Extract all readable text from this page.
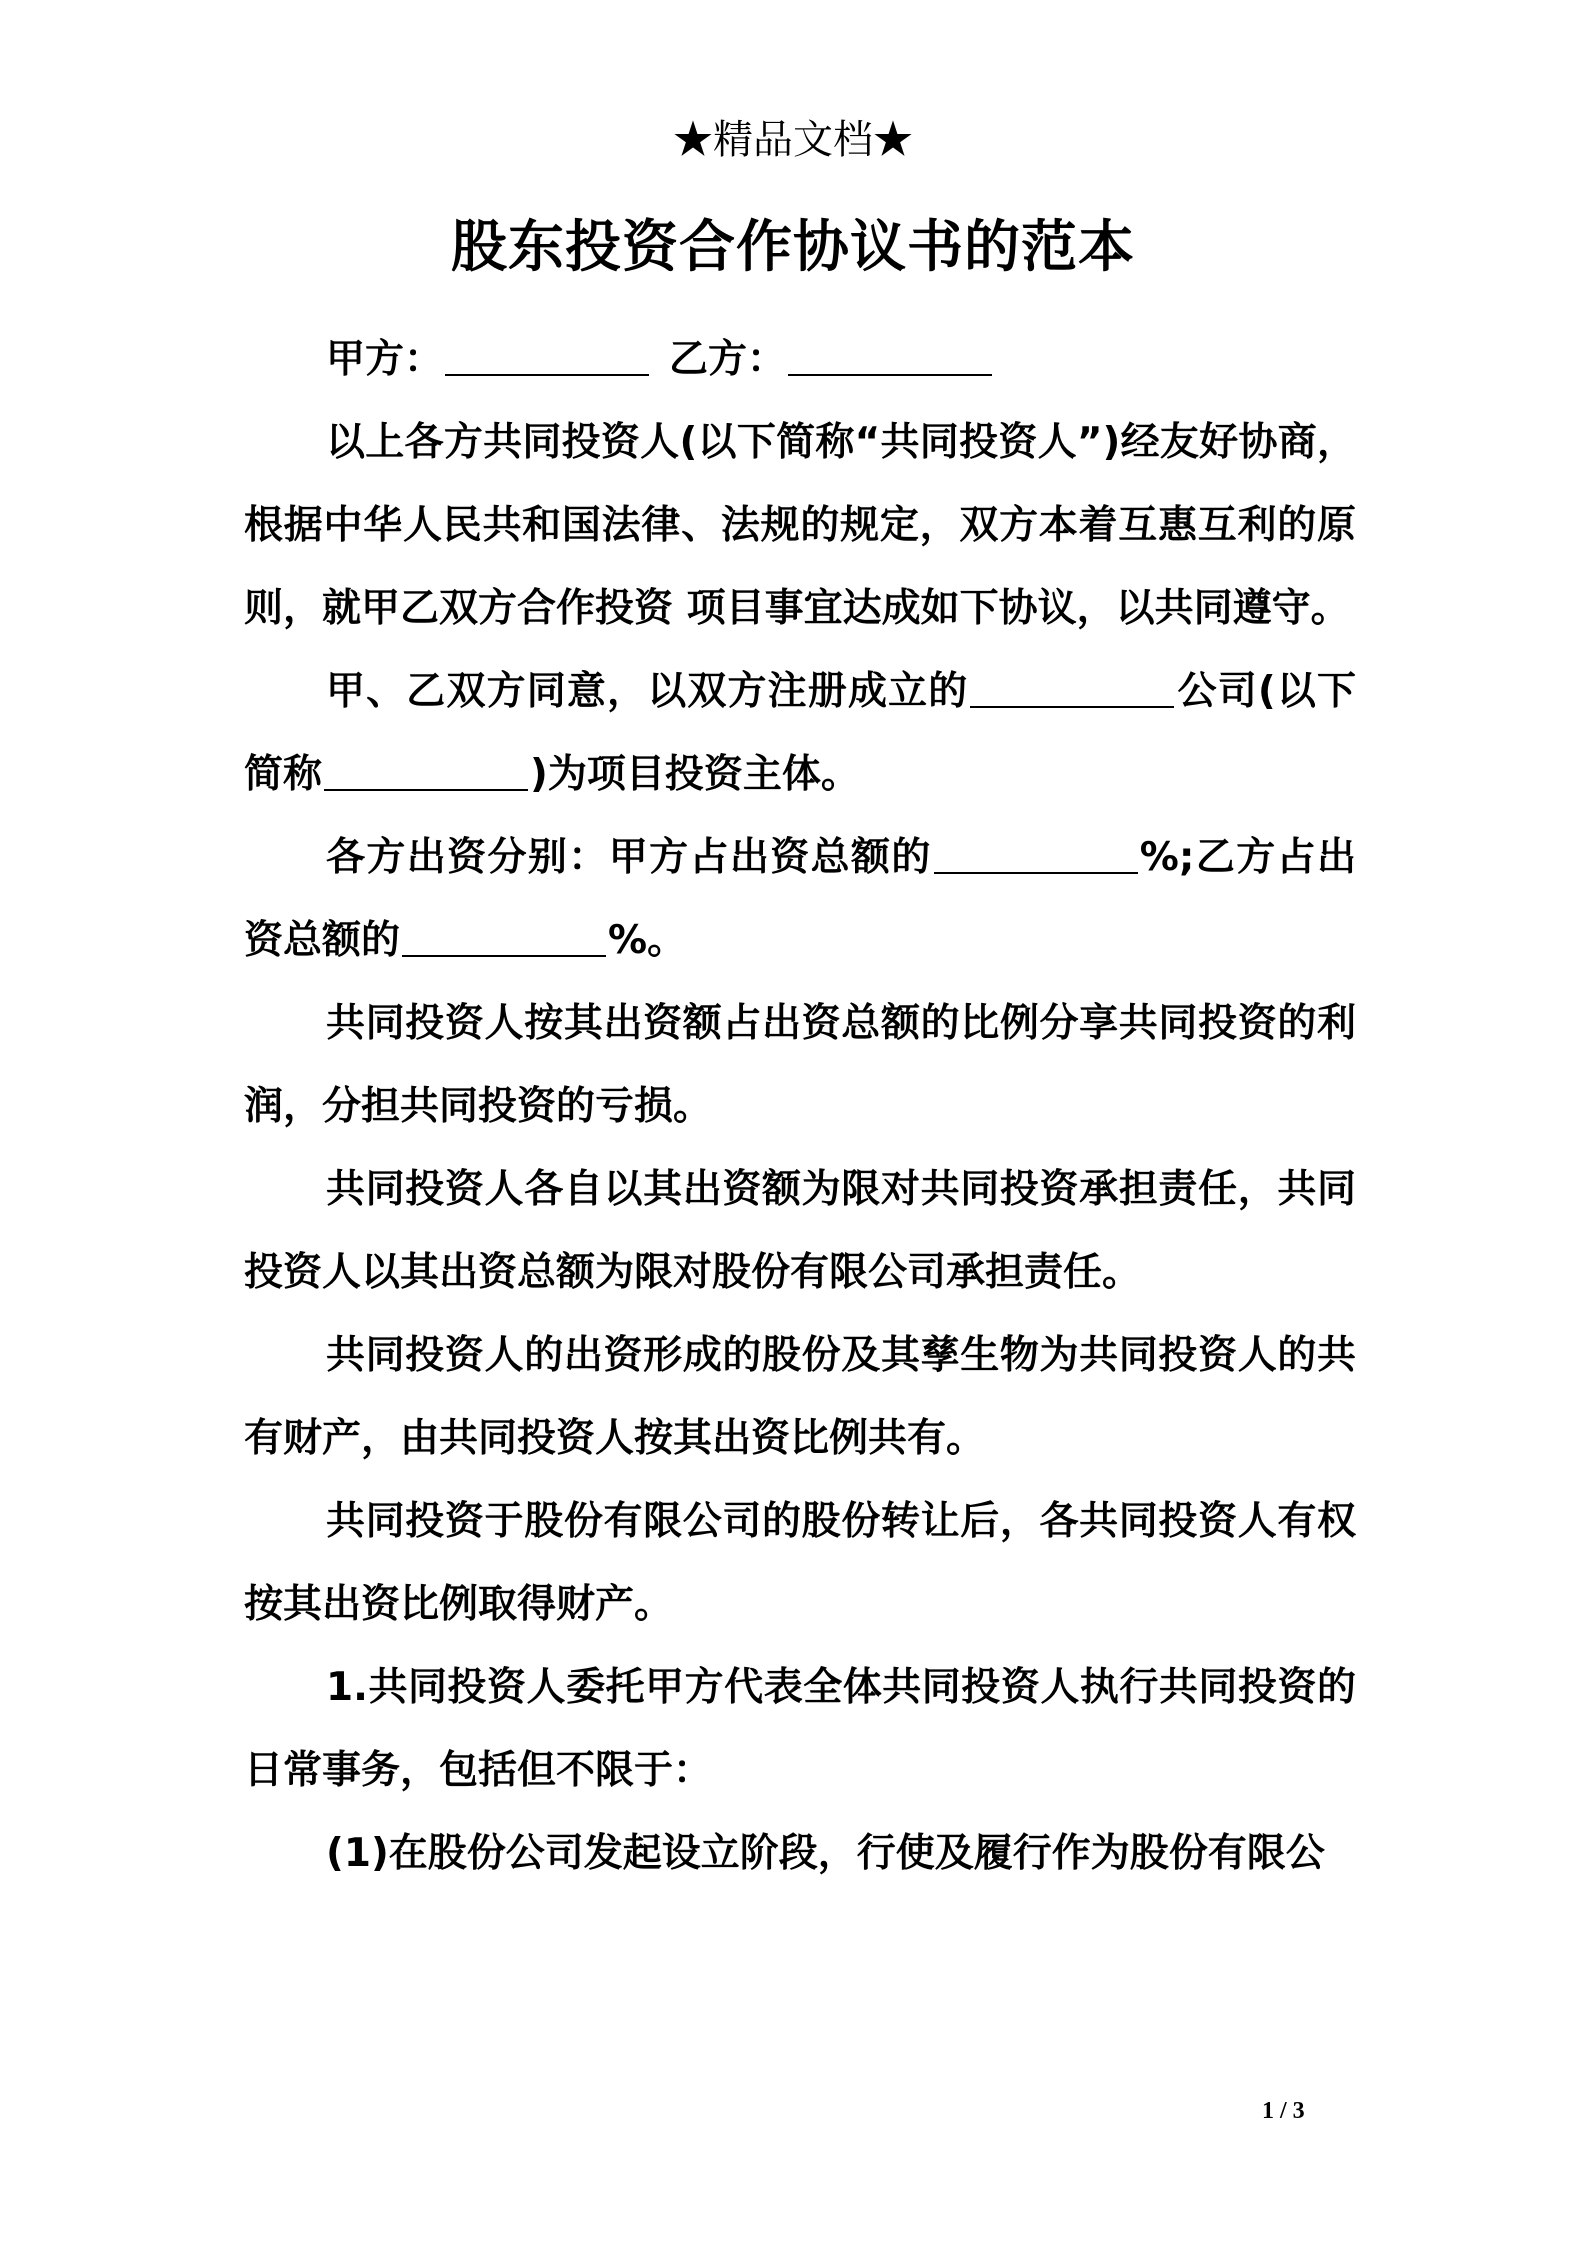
★精品文档★
股东投资合作协议书的范本

甲方：	乙方：

以上各方共同投资人(以下简称“共同投资人”)经友好协商，根据中华人民共和国法律、法规的规定，双方本着互惠互利的原则，就甲乙双方合作投资 项目事宜达成如下协议，以共同遵守。

甲、乙双方同意，以双方注册成立的	公司(以下简称	)为项目投资主体。

各方出资分别：甲方占出资总额的	%;乙方占出资总额的	%。

共同投资人按其出资额占出资总额的比例分享共同投资的利润，分担共同投资的亏损。

共同投资人各自以其出资额为限对共同投资承担责任，共同投资人以其出资总额为限对股份有限公司承担责任。

共同投资人的出资形成的股份及其孳生物为共同投资人的共有财产，由共同投资人按其出资比例共有。

共同投资于股份有限公司的股份转让后，各共同投资人有权按其出资比例取得财产。

1.共同投资人委托甲方代表全体共同投资人执行共同投资的日常事务，包括但不限于：

(1)在股份公司发起设立阶段，行使及履行作为股份有限公

1 / 3
